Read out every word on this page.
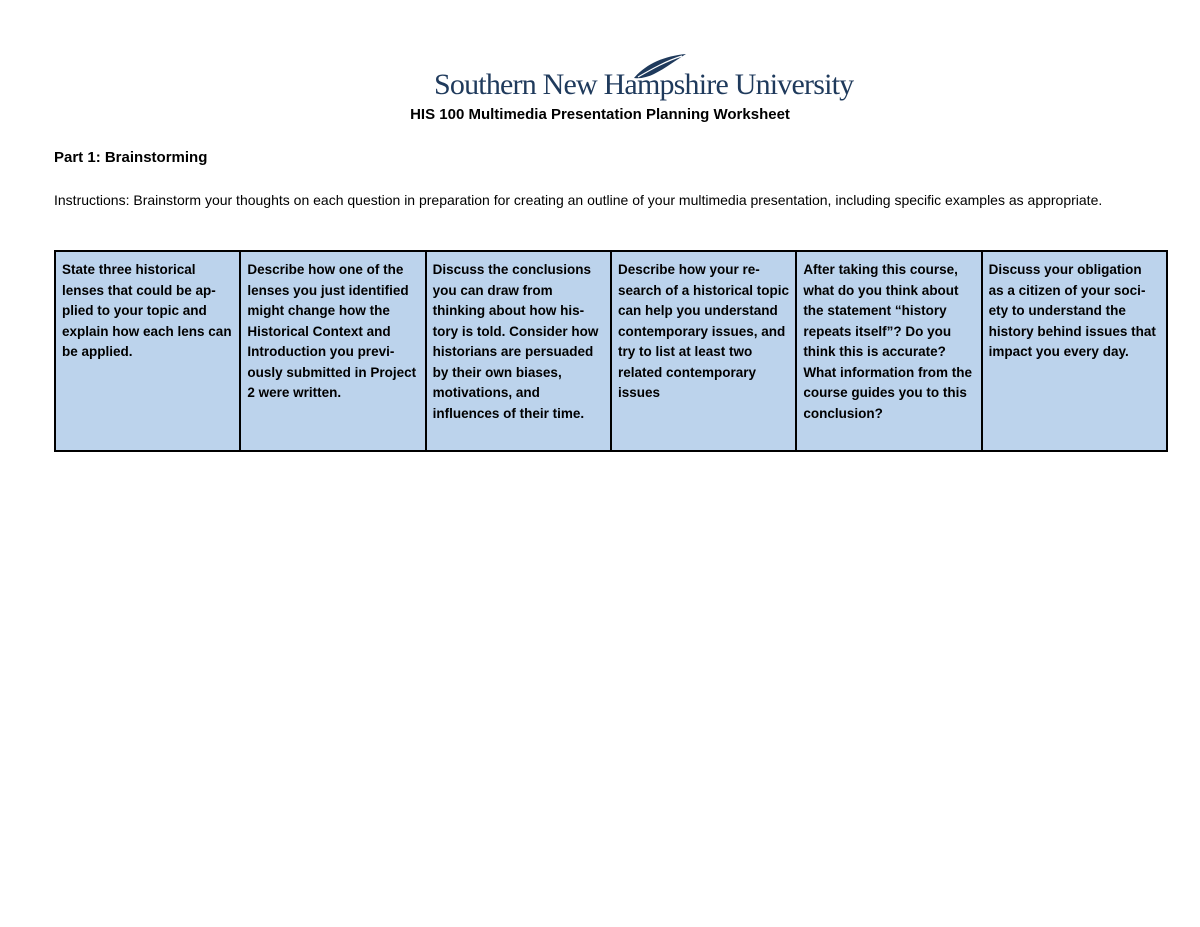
Southern New Hampshire University
HIS 100 Multimedia Presentation Planning Worksheet
Part 1: Brainstorming
Instructions: Brainstorm your thoughts on each question in preparation for creating an outline of your multimedia presentation, including specific examples as appropriate.
State three historical lenses that could be applied to your topic and explain how each lens can be applied.	Describe how one of the lenses you just identified might change how the Historical Context and Introduction you previously submitted in Project 2 were written.	Discuss the conclusions you can draw from thinking about how history is told. Consider how historians are persuaded by their own biases, motivations, and influences of their time.	Describe how your research of a historical topic can help you understand contemporary issues, and try to list at least two related contemporary issues	After taking this course, what do you think about the statement “history repeats itself”? Do you think this is accurate? What information from the course guides you to this conclusion?	Discuss your obligation as a citizen of your society to understand the history behind issues that impact you every day.
